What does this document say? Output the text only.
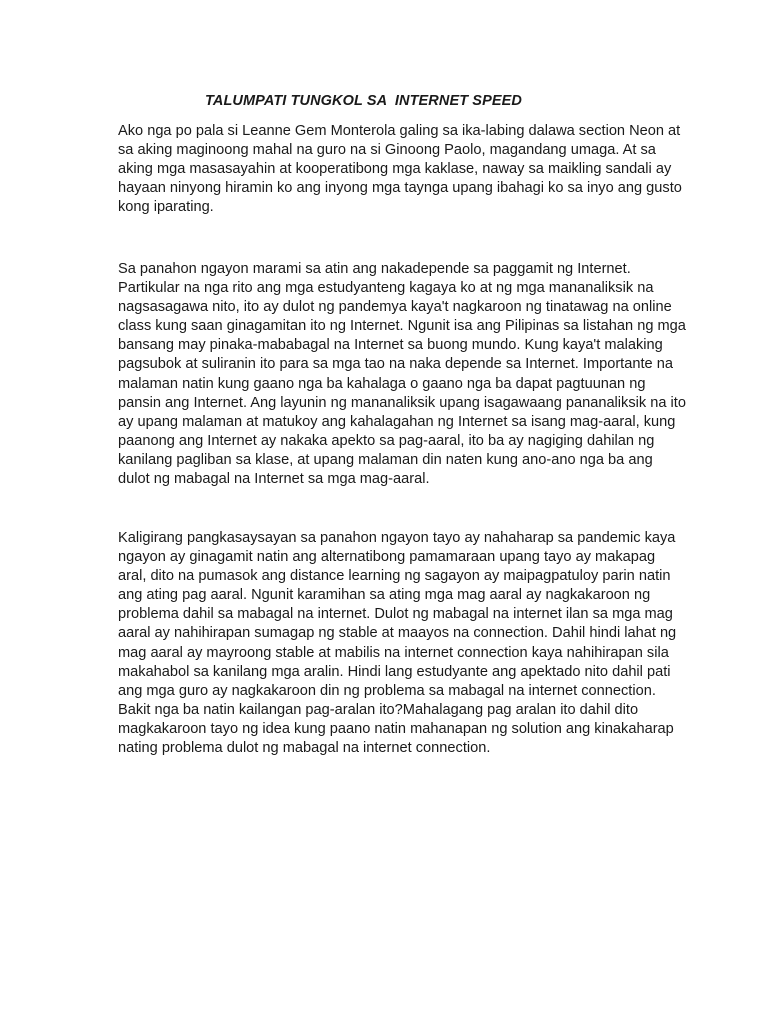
TALUMPATI TUNGKOL SA  INTERNET SPEED

Ako nga po pala si Leanne Gem Monterola galing sa ika-labing dalawa section Neon at
sa aking maginoong mahal na guro na si Ginoong Paolo, magandang umaga. At sa
aking mga masasayahin at kooperatibong mga kaklase, naway sa maikling sandali ay
hayaan ninyong hiramin ko ang inyong mga taynga upang ibahagi ko sa inyo ang gusto
kong iparating.

Sa panahon ngayon marami sa atin ang nakadepende sa paggamit ng Internet.
Partikular na nga rito ang mga estudyanteng kagaya ko at ng mga mananaliksik na
nagsasagawa nito, ito ay dulot ng pandemya kaya't nagkaroon ng tinatawag na online
class kung saan ginagamitan ito ng Internet. Ngunit isa ang Pilipinas sa listahan ng mga
bansang may pinaka-mababagal na Internet sa buong mundo. Kung kaya't malaking
pagsubok at suliranin ito para sa mga tao na naka depende sa Internet. Importante na
malaman natin kung gaano nga ba kahalaga o gaano nga ba dapat pagtuunan ng
pansin ang Internet. Ang layunin ng mananaliksik upang isagawaang pananaliksik na ito
ay upang malaman at matukoy ang kahalagahan ng Internet sa isang mag-aaral, kung
paanong ang Internet ay nakaka apekto sa pag-aaral, ito ba ay nagiging dahilan ng
kanilang pagliban sa klase, at upang malaman din naten kung ano-ano nga ba ang
dulot ng mabagal na Internet sa mga mag-aaral.

Kaligirang pangkasaysayan sa panahon ngayon tayo ay nahaharap sa pandemic kaya
ngayon ay ginagamit natin ang alternatibong pamamaraan upang tayo ay makapag
aral, dito na pumasok ang distance learning ng sagayon ay maipagpatuloy parin natin
ang ating pag aaral. Ngunit karamihan sa ating mga mag aaral ay nagkakaroon ng
problema dahil sa mabagal na internet. Dulot ng mabagal na internet ilan sa mga mag
aaral ay nahihirapan sumagap ng stable at maayos na connection. Dahil hindi lahat ng
mag aaral ay mayroong stable at mabilis na internet connection kaya nahihirapan sila
makahabol sa kanilang mga aralin. Hindi lang estudyante ang apektado nito dahil pati
ang mga guro ay nagkakaroon din ng problema sa mabagal na internet connection.
Bakit nga ba natin kailangan pag-aralan ito?Mahalagang pag aralan ito dahil dito
magkakaroon tayo ng idea kung paano natin mahanapan ng solution ang kinakaharap
nating problema dulot ng mabagal na internet connection.
